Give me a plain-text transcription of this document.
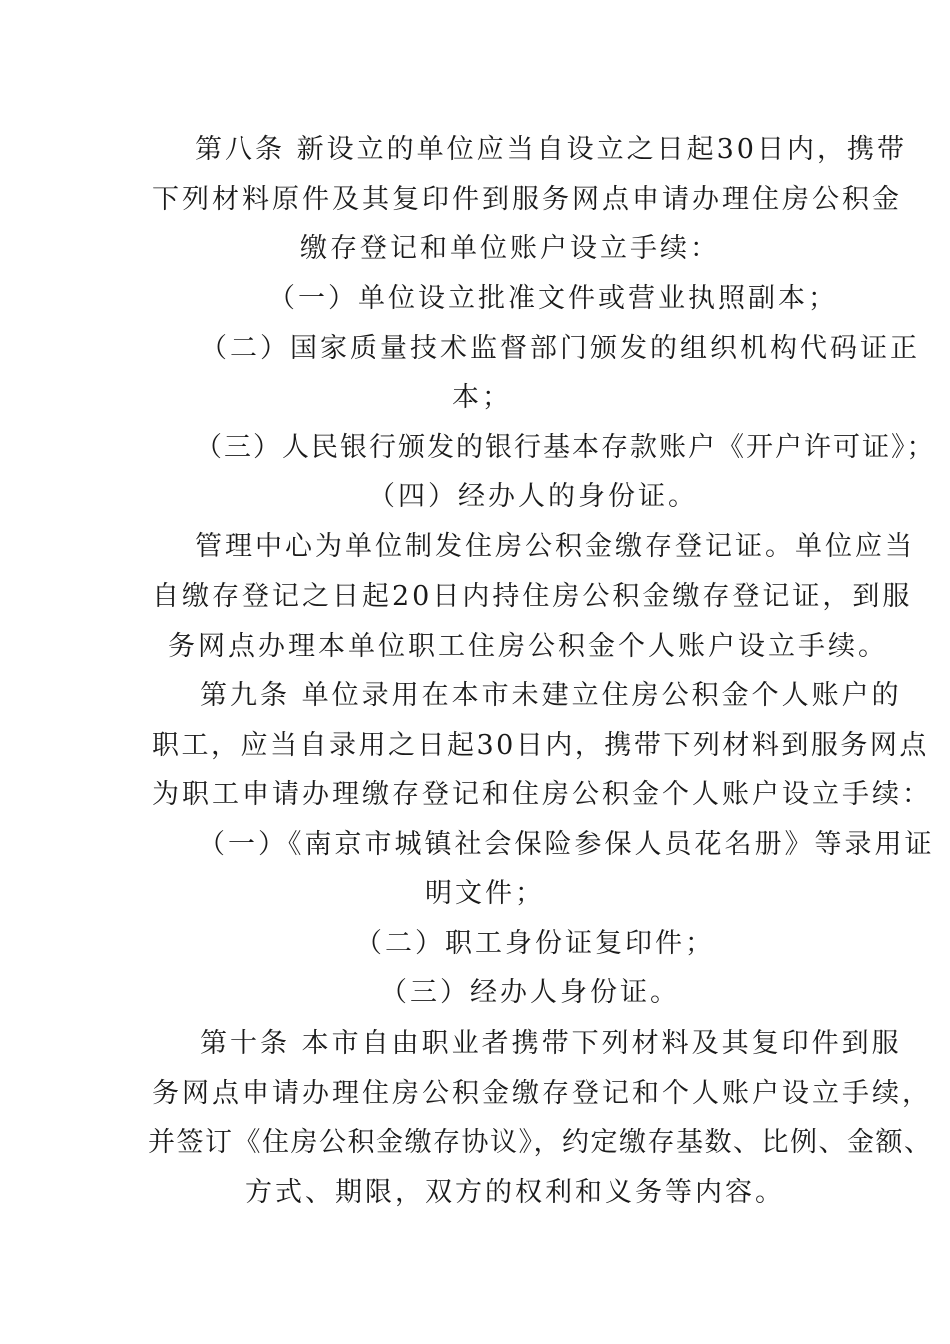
第八条 新设立的单位应当自设立之日起30日内，携带
下列材料原件及其复印件到服务网点申请办理住房公积金
缴存登记和单位账户设立手续：
（一）单位设立批准文件或营业执照副本；
（二）国家质量技术监督部门颁发的组织机构代码证正
本；
（三）人民银行颁发的银行基本存款账户《开户许可证》；
（四）经办人的身份证。
管理中心为单位制发住房公积金缴存登记证。单位应当
自缴存登记之日起20日内持住房公积金缴存登记证，到服
务网点办理本单位职工住房公积金个人账户设立手续。
第九条 单位录用在本市未建立住房公积金个人账户的
职工，应当自录用之日起30日内，携带下列材料到服务网点
为职工申请办理缴存登记和住房公积金个人账户设立手续：
（一）《南京市城镇社会保险参保人员花名册》等录用证
明文件；
（二）职工身份证复印件；
（三）经办人身份证。
第十条 本市自由职业者携带下列材料及其复印件到服
务网点申请办理住房公积金缴存登记和个人账户设立手续，
并签订《住房公积金缴存协议》，约定缴存基数、比例、金额、
方式、期限，双方的权利和义务等内容。
